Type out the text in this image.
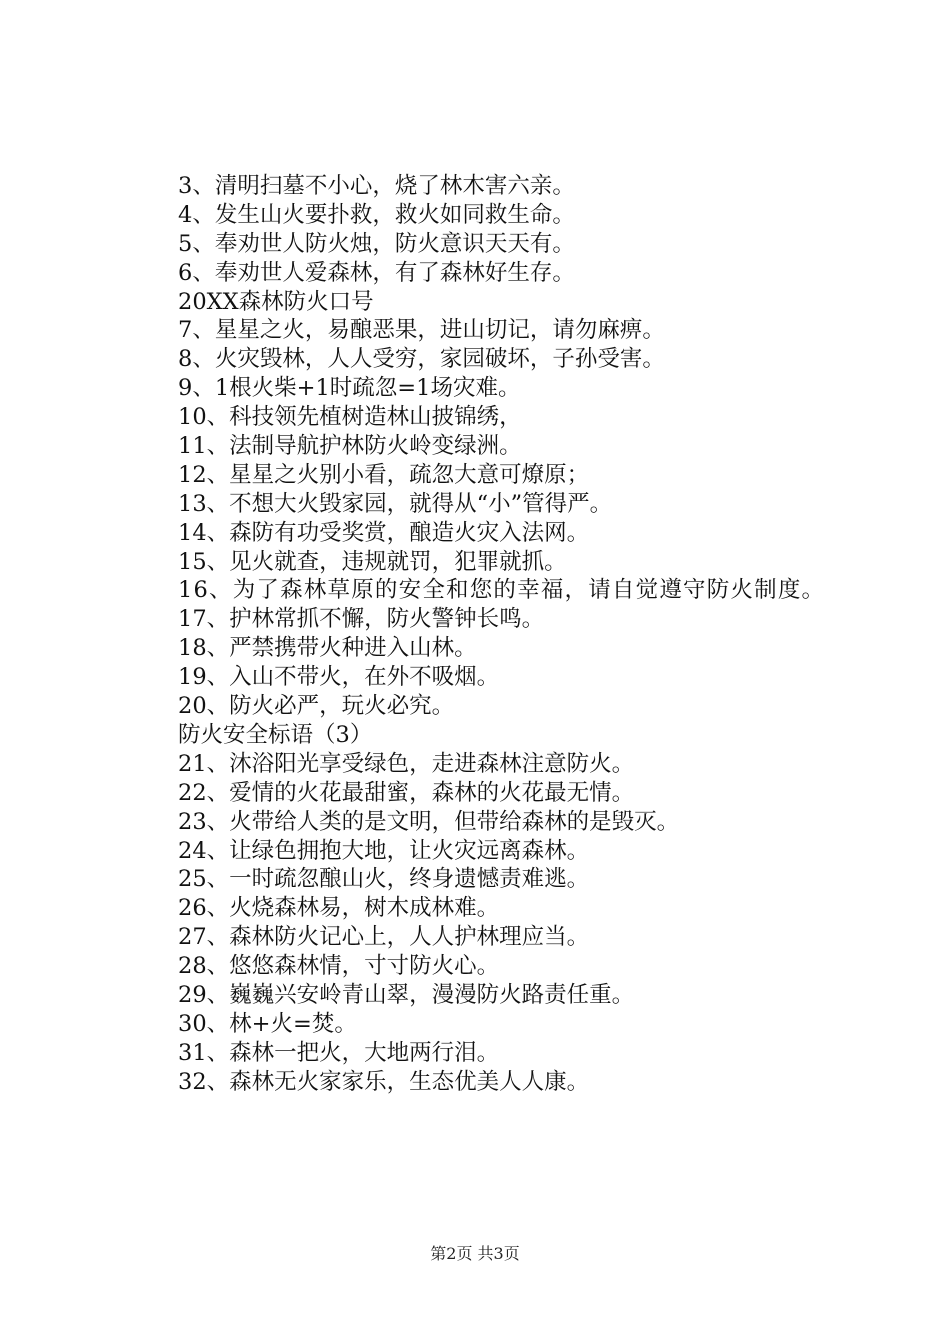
3、清明扫墓不小心，烧了林木害六亲。
4、发生山火要扑救，救火如同救生命。
5、奉劝世人防火烛，防火意识天天有。
6、奉劝世人爱森林，有了森林好生存。
20XX森林防火口号
7、星星之火，易酿恶果，进山切记，请勿麻痹。
8、火灾毁林，人人受穷，家园破坏，子孙受害。
9、1根火柴+1时疏忽=1场灾难。
10、科技领先植树造林山披锦绣，
11、法制导航护林防火岭变绿洲。
12、星星之火别小看，疏忽大意可燎原；
13、不想大火毁家园，就得从“小”管得严。
14、森防有功受奖赏，酿造火灾入法网。
15、见火就查，违规就罚，犯罪就抓。
16、为了森林草原的安全和您的幸福，请自觉遵守防火制度。
17、护林常抓不懈，防火警钟长鸣。
18、严禁携带火种进入山林。
19、入山不带火，在外不吸烟。
20、防火必严，玩火必究。
防火安全标语（3）
21、沐浴阳光享受绿色，走进森林注意防火。
22、爱情的火花最甜蜜，森林的火花最无情。
23、火带给人类的是文明，但带给森林的是毁灭。
24、让绿色拥抱大地，让火灾远离森林。
25、一时疏忽酿山火，终身遗憾责难逃。
26、火烧森林易，树木成林难。
27、森林防火记心上，人人护林理应当。
28、悠悠森林情，寸寸防火心。
29、巍巍兴安岭青山翠，漫漫防火路责任重。
30、林+火=焚。
31、森林一把火，大地两行泪。
32、森林无火家家乐，生态优美人人康。
第2页 共3页
